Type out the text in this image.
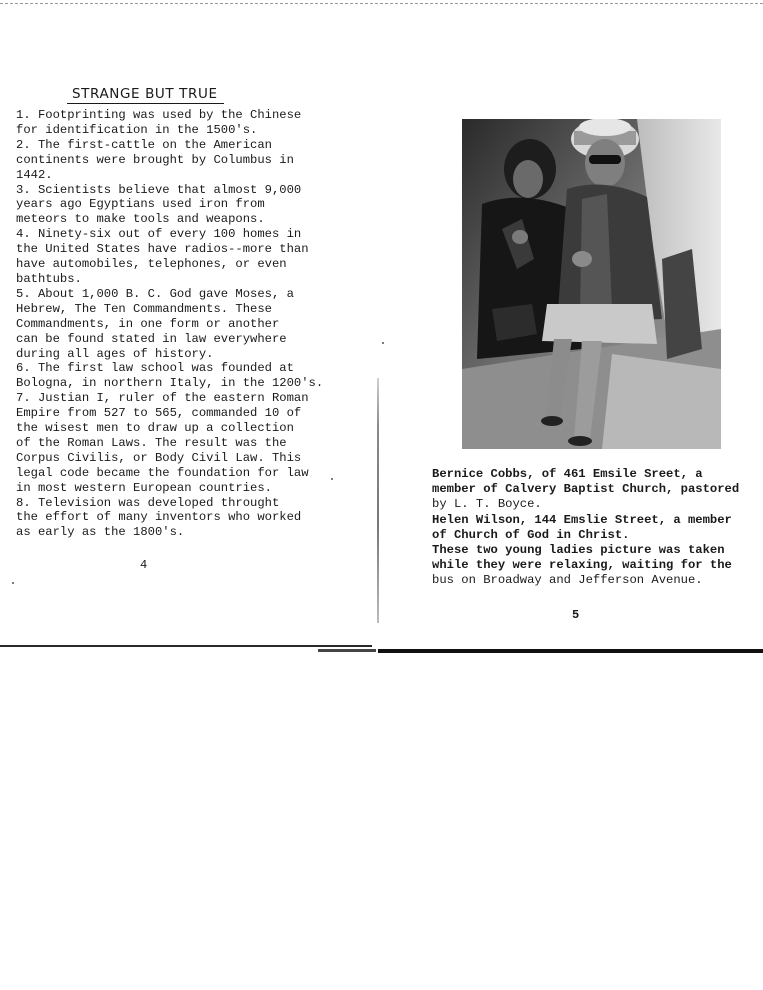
STRANGE BUT TRUE
1. Footprinting was used by the Chinese
for identification in the 1500's.
2. The first-cattle on the American
continents were brought by Columbus in
1442.
3. Scientists believe that almost 9,000
years ago Egyptians used iron from
meteors to make tools and weapons.
4. Ninety-six out of every 100 homes in
the United States have radios--more than
have automobiles, telephones, or even
bathtubs.
5. About 1,000 B. C. God gave Moses, a
Hebrew, The Ten Commandments. These
Commandments, in one form or another
can be found stated in law everywhere
during all ages of history.
6. The first law school was founded at
Bologna, in northern Italy, in the 1200's.
7. Justian I, ruler of the eastern Roman
Empire from 527 to 565, commanded 10 of
the wisest men to draw up a collection
of the Roman Laws. The result was the
Corpus Civilis, or Body Civil Law. This
legal code became the foundation for law
in most western European countries.
8. Television was developed throught
the effort of many inventors who worked
as early as the 1800's.
4

Bernice Cobbs, of 461 Emsile Sreet, a

member of Calvery Baptist Church, pastored

by L. T. Boyce.

Helen Wilson, 144 Emslie Street, a member

of Church of God in Christ.

These two young ladies picture was taken

while they were relaxing, waiting for the

bus on Broadway and Jefferson Avenue.

5
